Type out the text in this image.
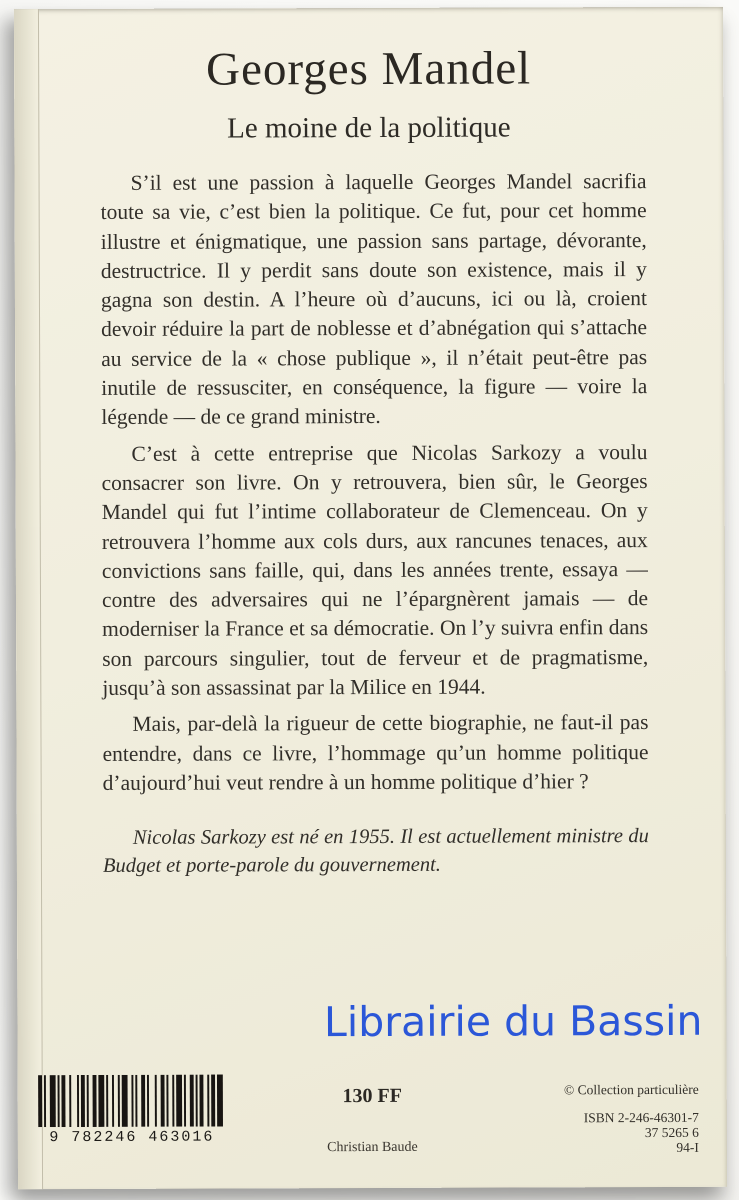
Georges Mandel
Le moine de la politique

S’il est une passion à laquelle Georges Mandel sacrifia toute sa vie, c’est bien la politique. Ce fut, pour cet homme illustre et énigmatique, une passion sans partage, dévorante, destructrice. Il y perdit sans doute son existence, mais il y gagna son destin. A l’heure où d’aucuns, ici ou là, croient devoir réduire la part de noblesse et d’abnégation qui s’attache au service de la « chose publique », il n’était peut-être pas inutile de ressusciter, en conséquence, la figure — voire la légende — de ce grand ministre.

C’est à cette entreprise que Nicolas Sarkozy a voulu consacrer son livre. On y retrouvera, bien sûr, le Georges Mandel qui fut l’intime collaborateur de Clemenceau. On y retrouvera l’homme aux cols durs, aux rancunes tenaces, aux convictions sans faille, qui, dans les années trente, essaya — contre des adversaires qui ne l’épargnèrent jamais — de moderniser la France et sa démocratie. On l’y suivra enfin dans son parcours singulier, tout de ferveur et de pragmatisme, jusqu’à son assassinat par la Milice en 1944.

Mais, par-delà la rigueur de cette biographie, ne faut-il pas entendre, dans ce livre, l’hommage qu’un homme politique d’aujourd’hui veut rendre à un homme politique d’hier ?

Nicolas Sarkozy est né en 1955. Il est actuellement ministre du Budget et porte-parole du gouvernement.

Librairie du Bassin
9 782246 463016
130 FF
Christian Baude
© Collection particulière
ISBN 2-246-46301-7
37 5265 6
94-I
